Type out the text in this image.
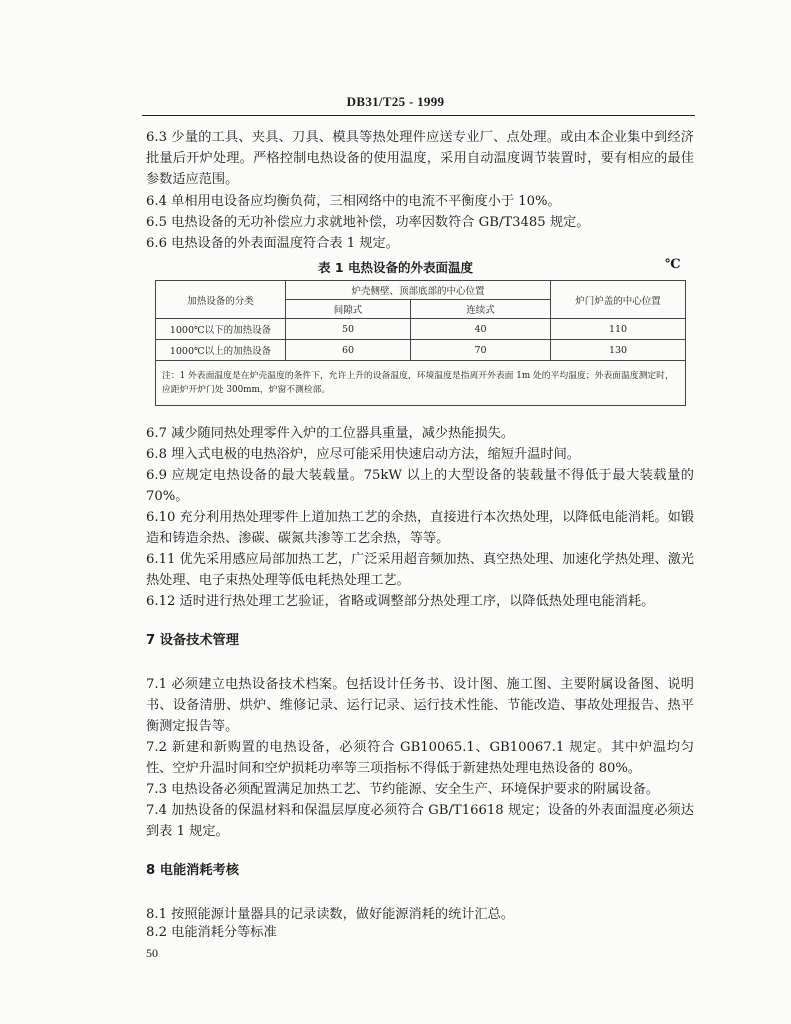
DB31/T25 - 1999

6.3 少量的工具、夹具、刀具、模具等热处理件应送专业厂、点处理。或由本企业集中到经济批量后开炉处理。严格控制电热设备的使用温度，采用自动温度调节装置时，要有相应的最佳参数适应范围。

6.4 单相用电设备应均衡负荷，三相网络中的电流不平衡度小于 10%。

6.5 电热设备的无功补偿应力求就地补偿，功率因数符合 GB/T3485 规定。

6.6 电热设备的外表面温度符合表 1 规定。

表 1 电热设备的外表面温度	℃
加热设备的分类	炉壳侧壁、顶部底部的中心位置		炉门炉盖的中心位置
	间隙式	连续式	
1000℃以下的加热设备	50	40	110
1000℃以上的加热设备	60	70	130
注：1 外表面温度是在炉壳温度的条件下，允许上升的设备温度，环境温度是指离开外表面 1m 处的平均温度；外表面温度测定时，应距炉开炉门处 300mm，炉窗不测检部。			

6.7 减少随同热处理零件入炉的工位器具重量，减少热能损失。

6.8 埋入式电极的电热浴炉，应尽可能采用快速启动方法，缩短升温时间。

6.9 应规定电热设备的最大装载量。75kW 以上的大型设备的装载量不得低于最大装载量的 70%。

6.10 充分利用热处理零件上道加热工艺的余热，直接进行本次热处理，以降低电能消耗。如锻造和铸造余热、渗碳、碳氮共渗等工艺余热，等等。

6.11 优先采用感应局部加热工艺，广泛采用超音频加热、真空热处理、加速化学热处理、激光热处理、电子束热处理等低电耗热处理工艺。

6.12 适时进行热处理工艺验证，省略或调整部分热处理工序，以降低热处理电能消耗。

7 设备技术管理

7.1 必须建立电热设备技术档案。包括设计任务书、设计图、施工图、主要附属设备图、说明书、设备清册、烘炉、维修记录、运行记录、运行技术性能、节能改造、事故处理报告、热平衡测定报告等。

7.2 新建和新购置的电热设备，必须符合 GB10065.1、GB10067.1 规定。其中炉温均匀性、空炉升温时间和空炉损耗功率等三项指标不得低于新建热处理电热设备的 80%。

7.3 电热设备必须配置满足加热工艺、节约能源、安全生产、环境保护要求的附属设备。

7.4 加热设备的保温材料和保温层厚度必须符合 GB/T16618 规定；设备的外表面温度必须达到表 1 规定。

8 电能消耗考核

8.1 按照能源计量器具的记录读数，做好能源消耗的统计汇总。

8.2 电能消耗分等标准

50
